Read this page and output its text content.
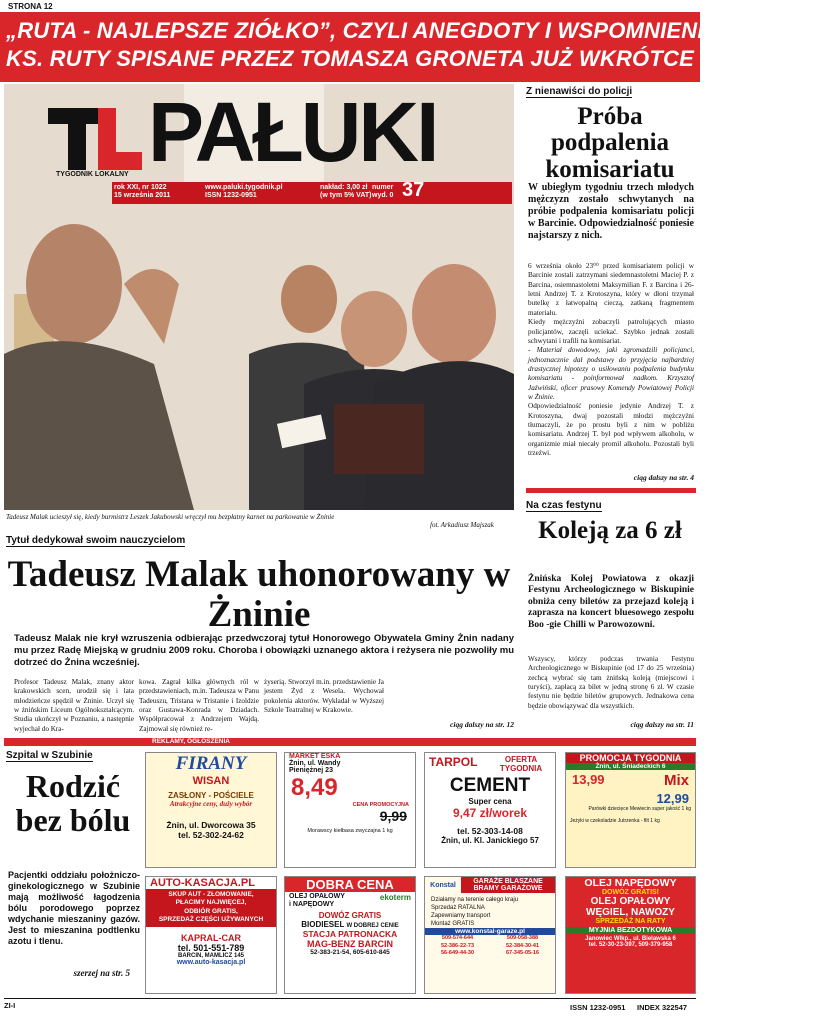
STRONA 12
„RUTA - NAJLEPSZE ZIÓŁKO”, CZYLI ANEGDOTY I WSPOMNIENIA
KS. RUTY SPISANE PRZEZ TOMASZA GRONETA JUŻ WKRÓTCE NA RYNKU
PAŁUKI
TYGODNIK LOKALNY
rok XXI, nr 1022
15 września 2011
www.paluki.tygodnik.pl
ISSN 1232-0951
nakład: 3,00 zł
(w tym 5% VAT)
numer
wyd. 0 37
Tadeusz Malak ucieszył się, kiedy burmistrz Leszek Jakubowski wręczył mu bezpłatny karnet na parkowanie w Żninie
fot. Arkadiusz Majszak
Z nienawiści do policji
Próba podpalenia komisariatu
W ubiegłym tygodniu trzech młodych mężczyzn zostało schwytanych na próbie podpalenia komisariatu policji w Barcinie. Odpowiedzialność poniesie najstarszy z nich.

6 września około 23⁰⁰ przed komisariatem policji w Barcinie zostali zatrzymani siedemnastoletni Maciej P. z Barcina, osiemnastoletni Maksymilian F. z Barcina i 26-letni Andrzej T. z Krotoszyna, który w dłoni trzymał butelkę z łatwopalną cieczą, zatkaną fragmentem materiału.

Kiedy mężczyźni zobaczyli patrolujących miasto policjantów, zaczęli uciekać. Szybko jednak zostali schwytani i trafili na komisariat.

- Materiał dowodowy, jaki zgromadzili policjanci, jednoznacznie dał podstawy do przyjęcia najbardziej drastycznej hipotezy o usiłowaniu podpalenia budynku komisariatu - poinformował nadkom. Krzysztof Jaźwiński, oficer prasowy Komendy Powiatowej Policji w Żninie.

Odpowiedzialność poniesie jedynie Andrzej T. z Krotoszyna, dwaj pozostali młodzi mężczyźni tłumaczyli, że po prostu byli z nim w pobliżu komisariatu. Andrzej T. był pod wpływem alkoholu, w organizmie miał niecały promil alkoholu. Pozostali byli trzeźwi.

ciąg dalszy na str. 4
Na czas festynu
Koleją za 6 zł
Żnińska Kolej Powiatowa z okazji Festynu Archeologicznego w Biskupinie obniża ceny biletów za przejazd koleją i zaprasza na koncert bluesowego zespołu Boo -gie Chilli w Parowozowni.
Wszyscy, którzy podczas trwania Festynu Archeologicznego w Biskupinie (od 17 do 25 września) zechcą wybrać się tam żnińską koleją (miejscowi i turyści), zapłacą za bilet w jedną stronę 6 zł. W czasie festynu nie będzie biletów grupowych. Jednakowa cena będzie obowiązywać dla wszystkich.
ciąg dalszy na str. 11
Tytuł dedykował swoim nauczycielom
Tadeusz Malak uhonorowany w Żninie
Tadeusz Malak nie krył wzruszenia odbierając przedwczoraj tytuł Honorowego Obywatela Gminy Żnin nadany mu przez Radę Miejską w grudniu 2009 roku. Choroba i obowiązki uznanego aktora i reżysera nie pozwoliły mu dotrzeć do Żnina wcześniej.
Profesor Tadeusz Malak, znany aktor krakowskich scen, urodził się i lata młodzieńcze spędził w Żninie. Uczył się w żnińskim Liceum Ogólnokształcącym. Studia ukończył w Poznaniu, a następnie wyjechał do Kra-
kowa. Zagrał kilka głównych ról w przedstawieniach, m.in. Tadeusza w Panu Tadeuszu, Tristana w Tristanie i Izoldzie oraz Gustawa-Konrada w Dziadach. Współpracował z Andrzejem Wajdą. Zajmował się również re-
żyserią. Stworzył m.in. przedstawienie Ja jestem Żyd z Wesela. Wychował pokolenia aktorów. Wykładał w Wyższej Szkole Teatralnej w Krakowie.
ciąg dalszy na str. 12
REKLAMY, OGŁOSZENIA
Szpital w Szubinie
Rodzić bez bólu
Pacjentki oddziału położniczo-ginekologicznego w Szubinie mają możliwość łagodzenia bólu porodowego poprzez wdychanie mieszaniny gazów. Jest to mieszanina podtlenku azotu i tlenu.
szerzej na str. 5
FIRANY
WISAN
ZASŁONY - POŚCIELE
Atrakcyjne ceny, duży wybór
Żnin, ul. Dworcowa 35
tel. 52-302-24-62
MARKET ESKA
Żnin, ul. Wandy
Pieniężnej 23
8,49
CENA PROMOCYJNA
9,99
Morawscy kiełbasa zwyczajna 1 kg
TARPOL	OFERTA TYGODNIA
CEMENT
Super cena
9,47 zł/worek
tel. 52-303-14-08
Żnin, ul. Kl. Janickiego 57
PROMOCJA TYGODNIA
Żnin, ul. Śniadeckich 6
13,99	Mix
12,99
Parówki dziecięce Mewiecin super jakość 1 kg
Jeżyki w czekoladzie Jutrzenka - filt 1 kg
AUTO-KASACJA.PL
SKUP AUT - ZŁOMOWANIE,
PŁACIMY NAJWIĘCEJ,
ODBIÓR GRATIS,
SPRZEDAŻ CZĘŚCI UŻYWANYCH
KAPRAL-CAR
tel. 501-551-789
BARCIN, MAMLICZ 145
www.auto-kasacja.pl
DOBRA CENA
OLEJ OPAŁOWY
i NAPĘDOWY
ekoterm
DOWÓZ GRATIS
BIODIESEL W DOBREJ CENIE
STACJA PATRONACKA
MAG-BENZ BARCIN
52-383-21-54, 605-610-845
Konstal	GARAŻE BLASZANE BRAMY GARAŻOWE
Działamy na terenie całego kraju
Sprzedaż RATALNA
Zapewniamy transport
Montaż GRATIS
www.konstal-garaze.pl
509-574-644	509-058-388
52-386-22-73	52-384-30-41
56-649-44-30	67-345-05-16
OLEJ NAPĘDOWY
DOWÓZ GRATIS!
OLEJ OPAŁOWY
WĘGIEL, NAWOZY
SPRZEDAŻ NA RATY
MYJNIA BEZDOTYKOWA
Janowiec Wlkp., ul. Bielawska 6
tel. 52-30-23-397, 509-379-958
ZI-I	ISSN 1232-0951 INDEX 322547
